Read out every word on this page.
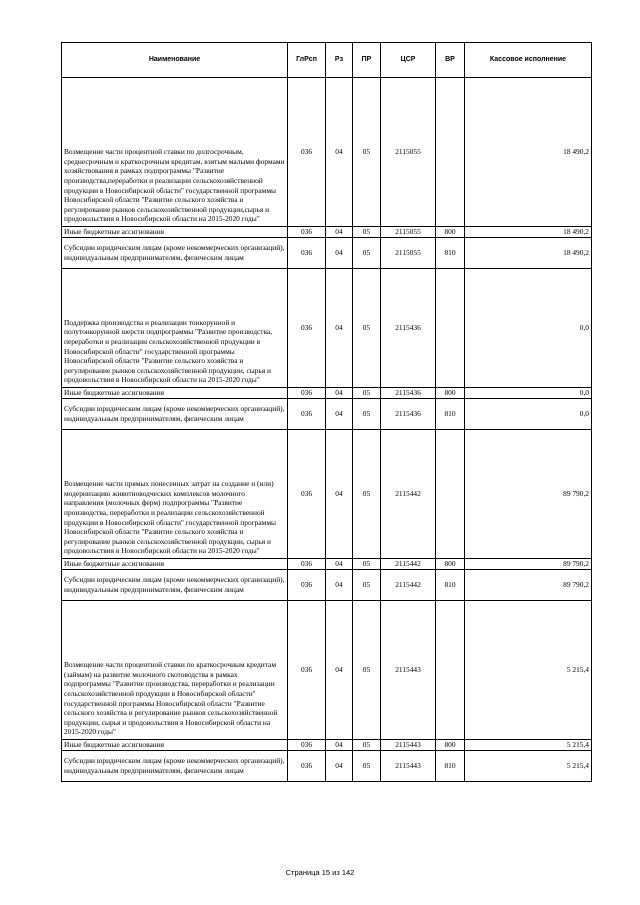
Наименование	ГлРсп	Рз	ПР	ЦСР	ВР	Кассовое исполнение
Возмещение части процентной ставки по долгосрочным, среднесрочным и краткосрочным кредитам, взятым малыми формами хозяйствования в рамках подпрограммы "Развитие производства,переработки и реализации сельскохозяйственной продукции в Новосибирской области" государственной программы Новосибирской области "Развитие сельского хозяйства и регулирование рынков сельскохозяйственной продукции,сырья и продовольствия в Новосибирской области на 2015-2020 годы"	036	04	05	2115055		18 490,2
Иные бюджетные ассигнования	036	04	05	2115055	800	18 490,2
Субсидии юридическим лицам (кроме некоммерческих организаций), индивидуальным предпринимателям, физическим лицам	036	04	05	2115055	810	18 490,2
Поддержка производства и реализации тонкорунной и полутонкорунной шерсти подпрограммы "Развитие производства, переработки и реализации сельскохозяйственной продукции в Новосибирской области" государственной программы Новосибирской области "Развитие сельского хозяйства и регулирование рынков сельскохозяйственной продукции, сырья и продовольствия в Новосибирской области на 2015-2020 годы"	036	04	05	2115436		0,0
Иные бюджетные ассигнования	036	04	05	2115436	800	0,0
Субсидии юридическим лицам (кроме некоммерческих организаций), индивидуальным предпринимателям, физическим лицам	036	04	05	2115436	810	0,0
Возмещение части прямых понесенных затрат на создание и (или) модернизацию животноводческих комплексов молочного направления (молочных ферм) подпрограммы "Развитие производства, переработки и реализации сельскохозяйственной продукции в Новосибирской области" государственной программы Новосибирской области "Развитие сельского хозяйства и регулирование рынков сельскохозяйственной продукции, сырья и продовольствия в Новосибирской области на 2015-2020 годы"	036	04	05	2115442		89 790,2
Иные бюджетные ассигнования	036	04	05	2115442	800	89 790,2
Субсидии юридическим лицам (кроме некоммерческих организаций), индивидуальным предпринимателям, физическим лицам	036	04	05	2115442	810	89 790,2
Возмещение части процентной ставки по краткосрочным кредитам (займам) на развитие молочного скотоводства в рамках подпрограммы "Развитие производства, переработки и реализации сельскохозяйственной продукции в Новосибирской области" государственной программы Новосибирской области "Развитие сельского хозяйства и регулирование рынков сельскохозяйственной продукции, сырья и продовольствия в Новосибирской области на 2015-2020 годы"	036	04	05	2115443		5 215,4
Иные бюджетные ассигнования	036	04	05	2115443	800	5 215,4
Субсидии юридическим лицам (кроме некоммерческих организаций), индивидуальным предпринимателям, физическим лицам	036	04	05	2115443	810	5 215,4
Страница 15 из 142
